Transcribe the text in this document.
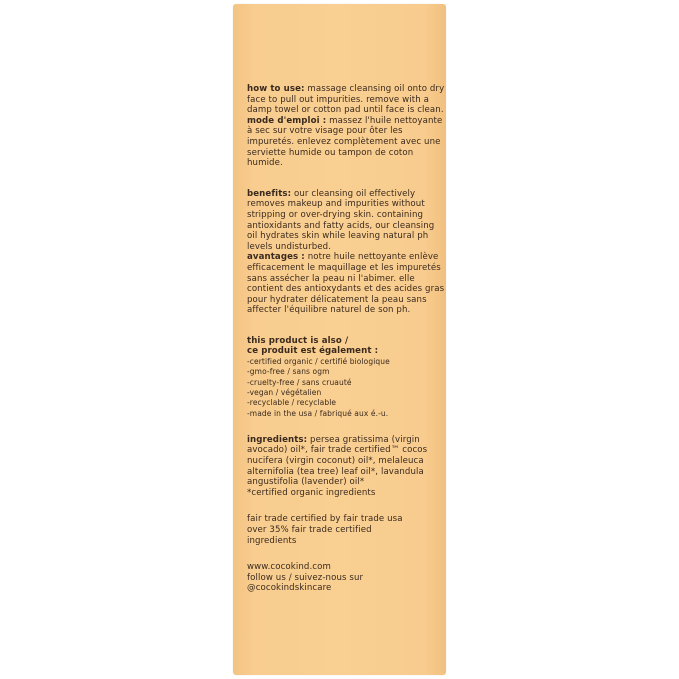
how to use: massage cleansing oil onto dry face to pull out impurities. remove with a damp towel or cotton pad until face is clean.

mode d'emploi : massez l'huile nettoyante à sec sur votre visage pour ôter les impuretés. enlevez complètement avec une serviette humide ou tampon de coton humide.

benefits: our cleansing oil effectively removes makeup and impurities without stripping or over-drying skin. containing antioxidants and fatty acids, our cleansing oil hydrates skin while leaving natural ph levels undisturbed.

avantages : notre huile nettoyante enlève efficacement le maquillage et les impuretés sans assécher la peau ni l'abimer. elle contient des antioxydants et des acides gras pour hydrater délicatement la peau sans affecter l'équilibre naturel de son ph.

this product is also /

ce produit est également :

-certified organic / certifié biologique

-gmo-free / sans ogm

-cruelty-free / sans cruauté

-vegan / végétalien

-recyclable / recyclable

-made in the usa / fabriqué aux é.-u.

ingredients: persea gratissima (virgin avocado) oil*, fair trade certified™ cocos nucifera (virgin coconut) oil*, melaleuca alternifolia (tea tree) leaf oil*, lavandula angustifolia (lavender) oil*

*certified organic ingredients

fair trade certified by fair trade usa

over 35% fair trade certified

ingredients

www.cocokind.com

follow us / suivez-nous sur

@cocokindskincare
